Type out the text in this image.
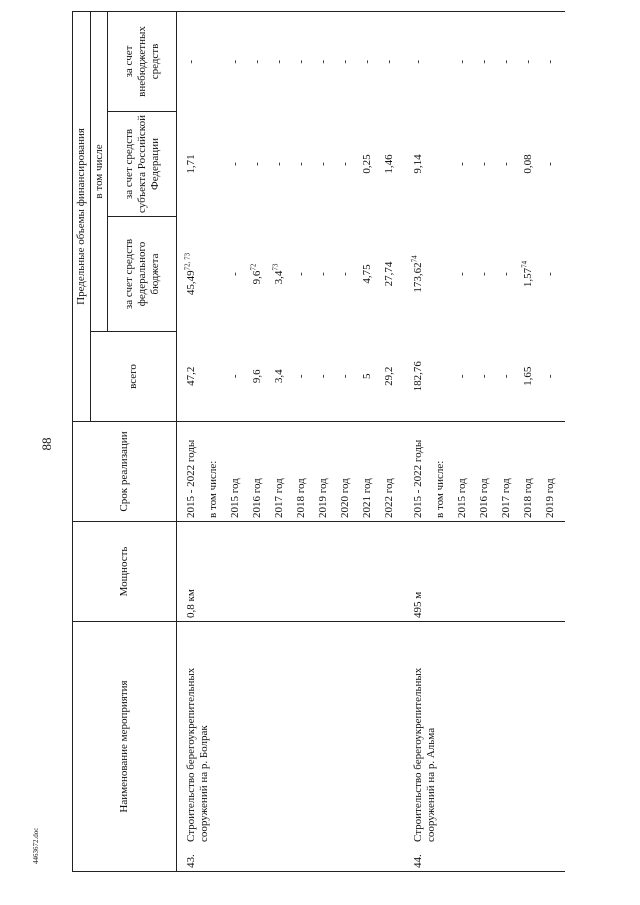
88
4463672.doc
Наименование мероприятия	Мощность	Срок реализации	Предельные объемы финансирования			
			всего	в том числе		
				за счет средств федерального бюджета	за счет средств субъекта Российской Федерации	за счет внебюджетных средств
43.Строительство берегоукрепительных сооружений на р. Болрак	0,8 км	2015 - 2022 годы	47,2	45,49$^{72, 73}$	1,71	-
		в том числе:				
		2015 год	-	-	-	-
		2016 год	9,6	$9,6^{72}$	-	-
		2017 год	3,4	$3,4^{73}$	-	-
		2018 год	-	-	-	-
		2019 год	-	-	-	-
		2020 год	-	-	-	-
		2021 год	5	4,75	0,25	-
		2022 год	29,2	27,74	1,46	-
44.Строительство берегоукрепительных сооружений на р. Альма	495 м	2015 - 2022 годы	182,76	173,62$^{74}$	9,14	-
		в том числе:				
		2015 год	-	-	-	-
		2016 год	-	-	-	-
		2017 год	-	-	-	-
		2018 год	1,65	1,57$^{74}$	0,08	-
		2019 год	-	-	-	-
